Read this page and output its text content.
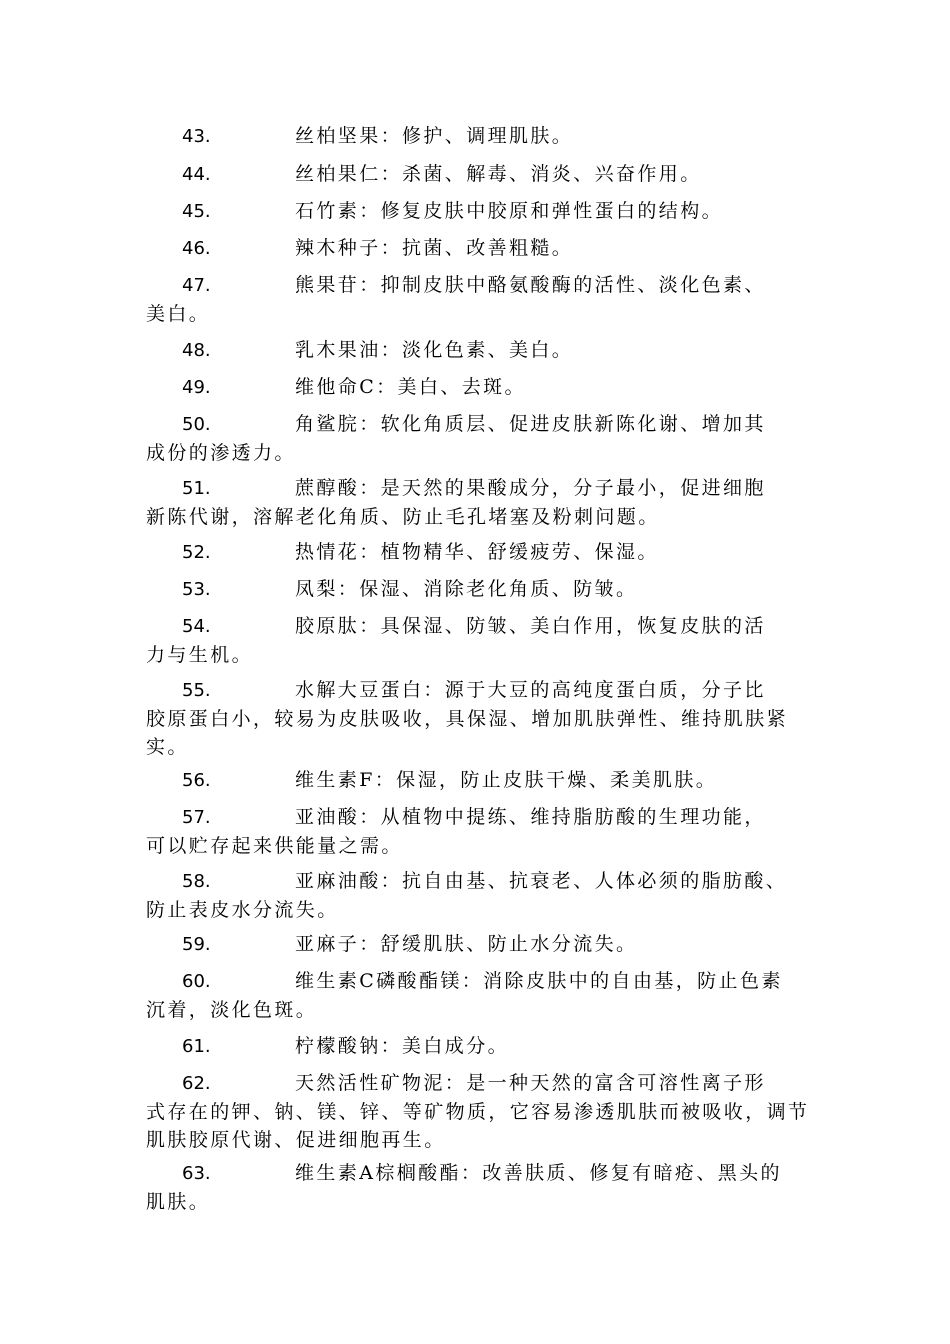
43.	丝柏坚果：修护、调理肌肤。
44.	丝柏果仁：杀菌、解毒、消炎、兴奋作用。
45.	石竹素：修复皮肤中胶原和弹性蛋白的结构。
46.	辣木种子：抗菌、改善粗糙。
47.	熊果苷：抑制皮肤中酪氨酸酶的活性、淡化色素、
美白。
48.	乳木果油：淡化色素、美白。
49.	维他命C：美白、去斑。
50.	角鲨脘：软化角质层、促进皮肤新陈化谢、增加其
成份的渗透力。
51.	蔗醇酸：是天然的果酸成分，分子最小，促进细胞
新陈代谢，溶解老化角质、防止毛孔堵塞及粉刺问题。
52.	热情花：植物精华、舒缓疲劳、保湿。
53.	凤梨：保湿、消除老化角质、防皱。
54.	胶原肽：具保湿、防皱、美白作用，恢复皮肤的活
力与生机。
55.	水解大豆蛋白：源于大豆的高纯度蛋白质，分子比
胶原蛋白小，较易为皮肤吸收，具保湿、增加肌肤弹性、维持肌肤紧实。
56.	维生素F：保湿，防止皮肤干燥、柔美肌肤。
57.	亚油酸：从植物中提练、维持脂肪酸的生理功能，
可以贮存起来供能量之需。
58.	亚麻油酸：抗自由基、抗衰老、人体必须的脂肪酸、
防止表皮水分流失。
59.	亚麻子：舒缓肌肤、防止水分流失。
60.	维生素C磷酸酯镁：消除皮肤中的自由基，防止色素
沉着，淡化色斑。
61.	柠檬酸钠：美白成分。
62.	天然活性矿物泥：是一种天然的富含可溶性离子形
式存在的钾、钠、镁、锌、等矿物质，它容易渗透肌肤而被吸收，调节肌肤胶原代谢、促进细胞再生。
63.	维生素A棕榈酸酯：改善肤质、修复有暗疮、黑头的
肌肤。
